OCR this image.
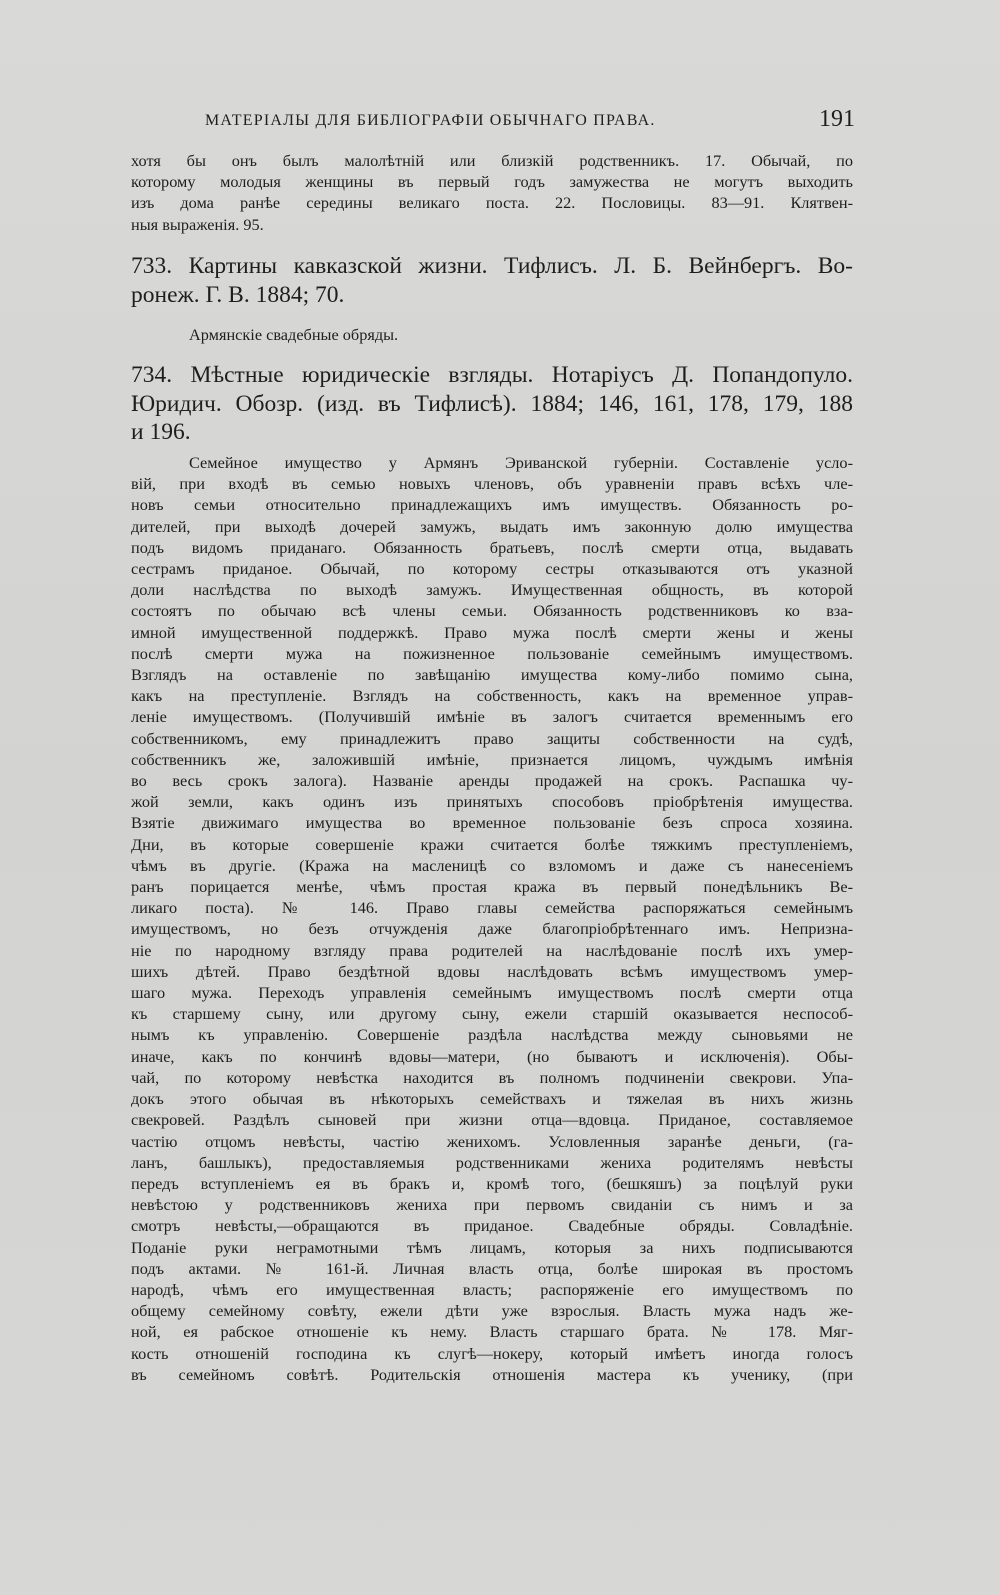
МАТЕРІАЛЫ ДЛЯ БИБЛІОГРАФІИ ОБЫЧНАГО ПРАВА.	191
хотя бы онъ былъ малолѣтній или близкій родственникъ. 17. Обычай, по
которому молодыя женщины въ первый годъ замужества не могутъ выходить
изъ дома ранѣе середины великаго поста. 22. Пословицы. 83—91. Клятвен-
ныя выраженія. 95.
733. Картины кавказской жизни. Тифлисъ. Л. Б. Вейнбергъ. Во-
ронеж. Г. В. 1884; 70.
Армянскіе свадебные обряды.
734. Мѣстные юридическіе взгляды. Нотаріусъ Д. Попандопуло.
Юридич. Обозр. (изд. въ Тифлисѣ). 1884; 146, 161, 178, 179, 188
и 196.
Семейное имущество у Армянъ Эриванской губерніи. Составленіе усло-
вій, при входѣ въ семью новыхъ членовъ, объ уравненіи правъ всѣхъ чле-
новъ семьи относительно принадлежащихъ имъ имуществъ. Обязанность ро-
дителей, при выходѣ дочерей замужъ, выдать имъ законную долю имущества
подъ видомъ приданаго. Обязанность братьевъ, послѣ смерти отца, выдавать
сестрамъ приданое. Обычай, по которому сестры отказываются отъ указной
доли наслѣдства по выходѣ замужъ. Имущественная общность, въ которой
состоятъ по обычаю всѣ члены семьи. Обязанность родственниковъ ко вза-
имной имущественной поддержкѣ. Право мужа послѣ смерти жены и жены
послѣ смерти мужа на пожизненное пользованіе семейнымъ имуществомъ.
Взглядъ на оставленіе по завѣщанію имущества кому-либо помимо сына,
какъ на преступленіе. Взглядъ на собственность, какъ на временное управ-
леніе имуществомъ. (Получившій имѣніе въ залогъ считается временнымъ его
собственникомъ, ему принадлежитъ право защиты собственности на судѣ,
собственникъ же, заложившій имѣніе, признается лицомъ, чуждымъ имѣнія
во весь срокъ залога). Названіе аренды продажей на срокъ. Распашка чу-
жой земли, какъ одинъ изъ принятыхъ способовъ пріобрѣтенія имущества.
Взятіе движимаго имущества во временное пользованіе безъ спроса хозяина.
Дни, въ которые совершеніе кражи считается болѣе тяжкимъ преступленіемъ,
чѣмъ въ другіе. (Кража на масленицѣ со взломомъ и даже съ нанесеніемъ
ранъ порицается менѣе, чѣмъ простая кража въ первый понедѣльникъ Ве-
ликаго поста). № 146. Право главы семейства распоряжаться семейнымъ
имуществомъ, но безъ отчужденія даже благопріобрѣтеннаго имъ. Непризна-
ніе по народному взгляду права родителей на наслѣдованіе послѣ ихъ умер-
шихъ дѣтей. Право бездѣтной вдовы наслѣдовать всѣмъ имуществомъ умер-
шаго мужа. Переходъ управленія семейнымъ имуществомъ послѣ смерти отца
къ старшему сыну, или другому сыну, ежели старшій оказывается неспособ-
нымъ къ управленію. Совершеніе раздѣла наслѣдства между сыновьями не
иначе, какъ по кончинѣ вдовы—матери, (но бываютъ и исключенія). Обы-
чай, по которому невѣстка находится въ полномъ подчиненіи свекрови. Упа-
докъ этого обычая въ нѣкоторыхъ семействахъ и тяжелая въ нихъ жизнь
свекровей. Раздѣлъ сыновей при жизни отца—вдовца. Приданое, составляемое
частію отцомъ невѣсты, частію женихомъ. Условленныя заранѣе деньги, (га-
ланъ, башлыкъ), предоставляемыя родственниками жениха родителямъ невѣсты
передъ вступленіемъ ея въ бракъ и, кромѣ того, (бешкяшъ) за поцѣлуй руки
невѣстою у родственниковъ жениха при первомъ свиданіи съ нимъ и за
смотръ невѣсты,—обращаются въ приданое. Свадебные обряды. Совладѣніе.
Поданіе руки неграмотными тѣмъ лицамъ, которыя за нихъ подписываются
подъ актами. № 161-й. Личная власть отца, болѣе широкая въ простомъ
народѣ, чѣмъ его имущественная власть; распоряженіе его имуществомъ по
общему семейному совѣту, ежели дѣти уже взрослыя. Власть мужа надъ же-
ной, ея рабское отношеніе къ нему. Власть старшаго брата. № 178. Мяг-
кость отношеній господина къ слугѣ—нокеру, который имѣетъ иногда голосъ
въ семейномъ совѣтѣ. Родительскія отношенія мастера къ ученику, (при
